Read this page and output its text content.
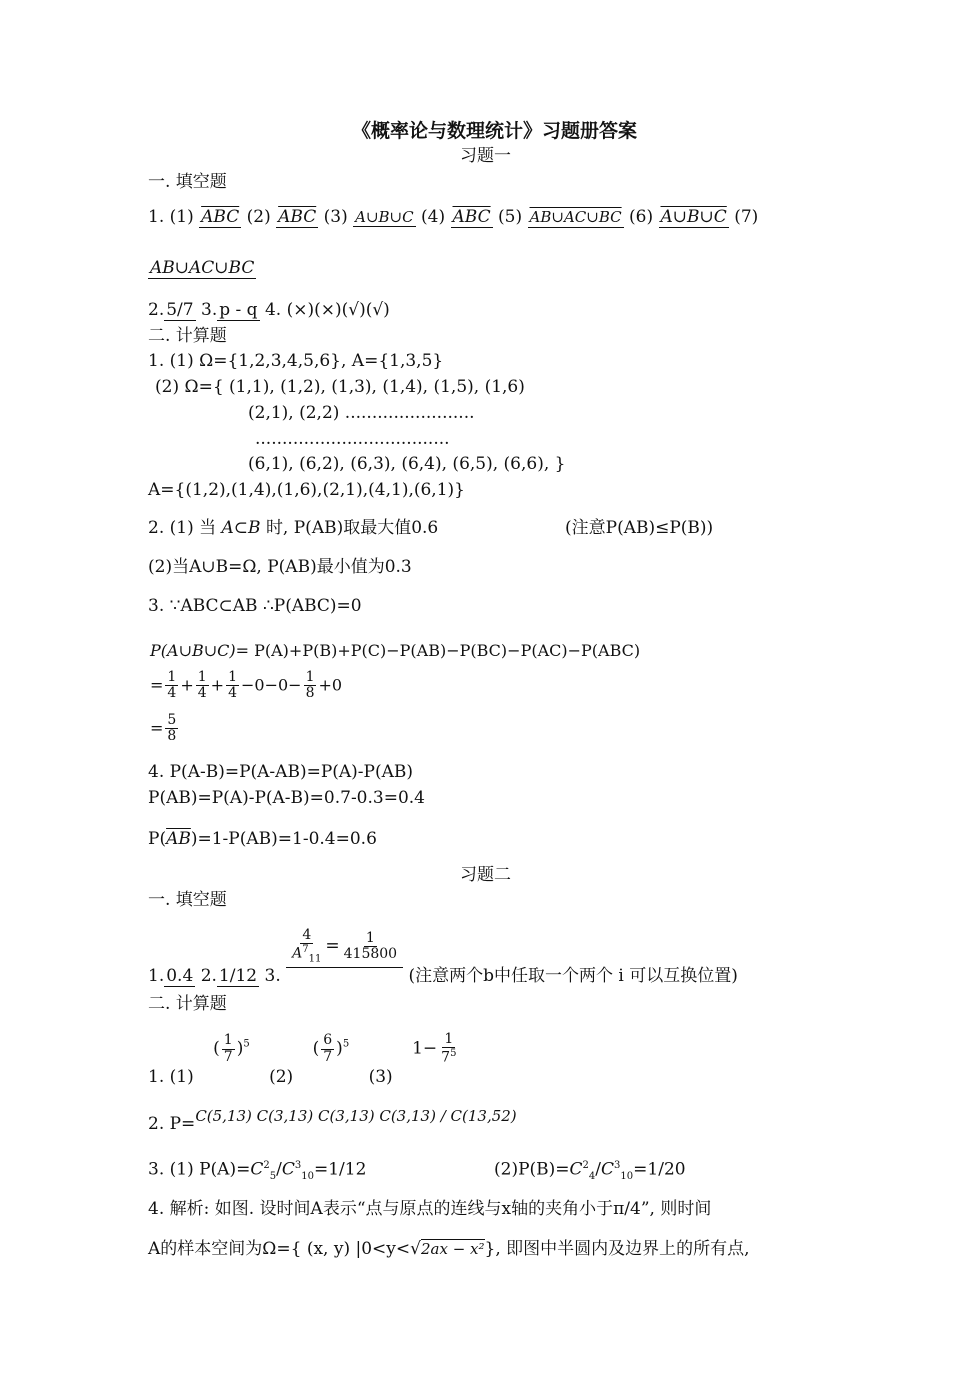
《概率论与数理统计》习题册答案
习题一
一. 填空题
1. (1) $\overline{ABC}$ (2) $\overline{ABC}$ (3) A∪B∪C (4) $\overline{ABC}$ (5) AB∪AC∪BC (6) A∪B∪C (7)
AB∪AC∪BC
2. 5/7 3. p - q 4. (×)(×)(√)(√)
二. 计算题
1. (1) Ω={1,2,3,4,5,6}, A={1,3,5}
(2) Ω={ (1,1), (1,2), (1,3), (1,4), (1,5), (1,6)
(2,1), (2,2) ........................
....................................
(6,1), (6,2), (6,3), (6,4), (6,5), (6,6), }
A={(1,2),(1,4),(1,6),(2,1),(4,1),(6,1)}
2. (1) 当 A⊂B 时, P(AB)取最大值0.6	(注意P(AB)≤P(B))
(2)当A∪B=Ω, P(AB)最小值为0.3
3. ∵ABC⊂AB ∴P(ABC)=0
P(A∪B∪C)= P(A)+P(B)+P(C)−P(AB)−P(BC)−P(AC)−P(ABC)
= $\frac{1}{4} + \frac{1}{4} + \frac{1}{4} -0-0- \frac{1}{8} +0$
= $\frac{5}{8}$
4. P(A-B)=P(A-AB)=P(A)-P(AB)
P(AB)=P(A)-P(A-B)=0.7-0.3=0.4
$P(\overline{AB})=1-P(AB)=1-0.4=0.6$
习题二
一. 填空题
1. 0.4 2. 1/12 3.
$\frac{4}{A^7_{11}} = \frac{1}{415800}$
(注意两个b中任取一个两个 i 可以互换位置)
二. 计算题
1. (1) ( $\frac{1}{7} )^5$ (2) ( $\frac{6}{7} )^5$ (3) $1- \frac{1}{7^5}$
2. P=C(5,13) C(3,13) C(3,13) C(3,13) / C(13,52)
3. (1) $P(A)=C^2_5/C^3_{10}=1/12$	$(2)P(B)=C^2_4/C^3_{10}=1/20$
4. 解析: 如图. 设时间A表示“点与原点的连线与x轴的夹角小于π/4”, 则时间
A的样本空间为Ω={ (x, y) |0<y<√2ax − x²}, 即图中半圆内及边界上的所有点,
